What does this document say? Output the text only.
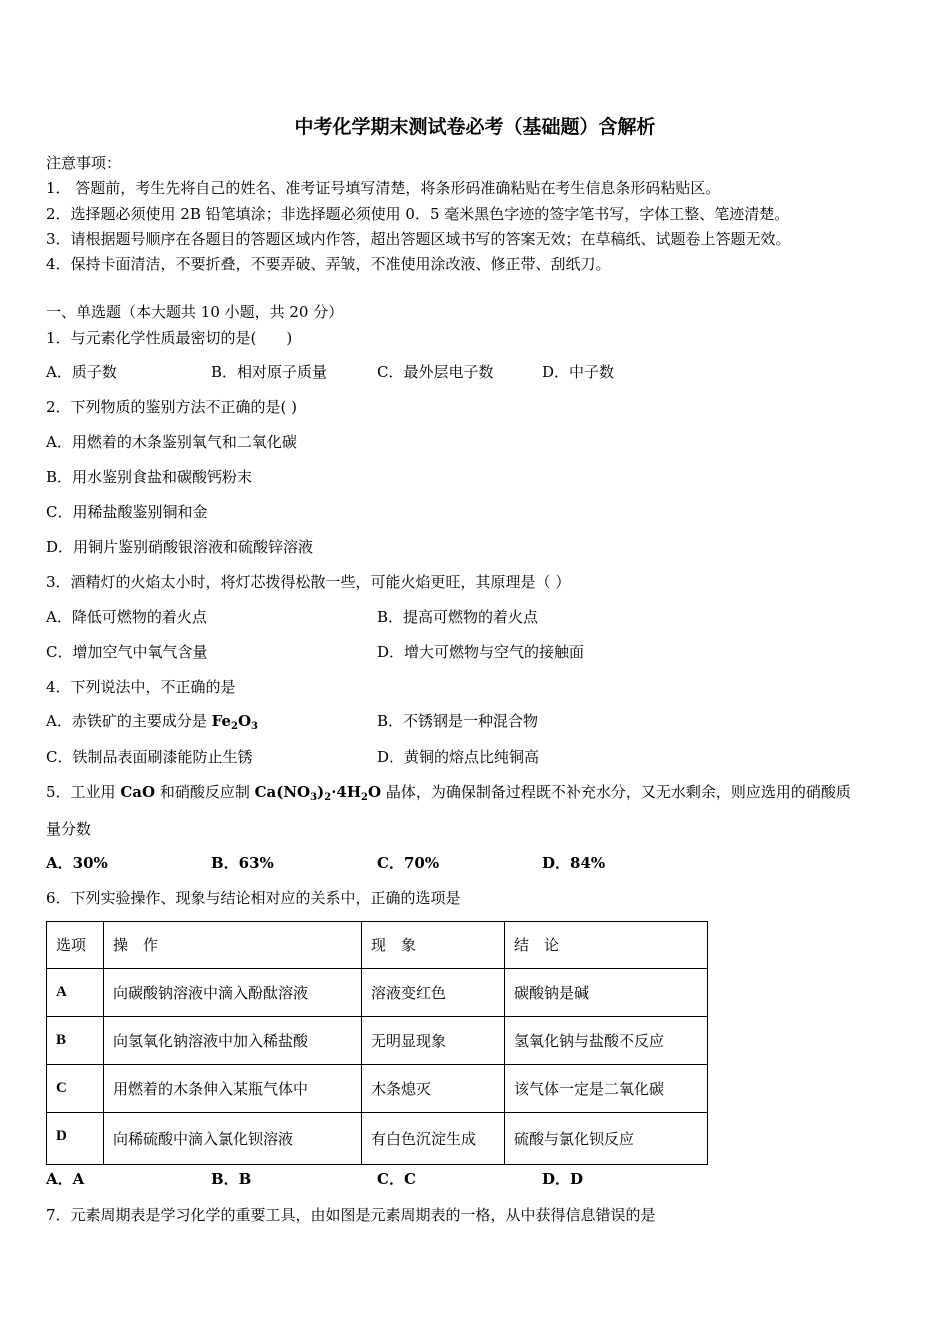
中考化学期末测试卷必考（基础题）含解析
注意事项：
1． 答题前，考生先将自己的姓名、准考证号填写清楚，将条形码准确粘贴在考生信息条形码粘贴区。
2．选择题必须使用 2B 铅笔填涂；非选择题必须使用 0．5 毫米黑色字迹的签字笔书写，字体工整、笔迹清楚。
3．请根据题号顺序在各题目的答题区域内作答，超出答题区域书写的答案无效；在草稿纸、试题卷上答题无效。
4．保持卡面清洁，不要折叠，不要弄破、弄皱，不准使用涂改液、修正带、刮纸刀。
一、单选题（本大题共 10 小题，共 20 分）
1．与元素化学性质最密切的是(　　)
A．质子数	B．相对原子质量	C．最外层电子数	D．中子数
2．下列物质的鉴别方法不正确的是( )
A．用燃着的木条鉴别氧气和二氧化碳
B．用水鉴别食盐和碳酸钙粉末
C．用稀盐酸鉴别铜和金
D．用铜片鉴别硝酸银溶液和硫酸锌溶液
3．酒精灯的火焰太小时，将灯芯拨得松散一些，可能火焰更旺，其原理是（ ）
A．降低可燃物的着火点	B．提高可燃物的着火点
C．增加空气中氧气含量	D．增大可燃物与空气的接触面
4．下列说法中，不正确的是
A．赤铁矿的主要成分是 $Fe_2O_3$	B．不锈钢是一种混合物
C．铁制品表面刷漆能防止生锈	D．黄铜的熔点比纯铜高
5．工业用 CaO 和硝酸反应制 $Ca(NO_3)_2\cdot 4H_2O$ 晶体，为确保制备过程既不补充水分，又无水剩余，则应选用的硝酸质
量分数
A．30%	B．63%	C．70%	D．84%
6．下列实验操作、现象与结论相对应的关系中，正确的选项是
选项	操　作	现　象	结　论
A	向碳酸钠溶液中滴入酚酞溶液	溶液变红色	碳酸钠是碱
B	向氢氧化钠溶液中加入稀盐酸	无明显现象	氢氧化钠与盐酸不反应
C	用燃着的木条伸入某瓶气体中	木条熄灭	该气体一定是二氧化碳
D	向稀硫酸中滴入氯化钡溶液	有白色沉淀生成	硫酸与氯化钡反应
A．A	B．B	C．C	D．D
7．元素周期表是学习化学的重要工具，由如图是元素周期表的一格，从中获得信息错误的是
